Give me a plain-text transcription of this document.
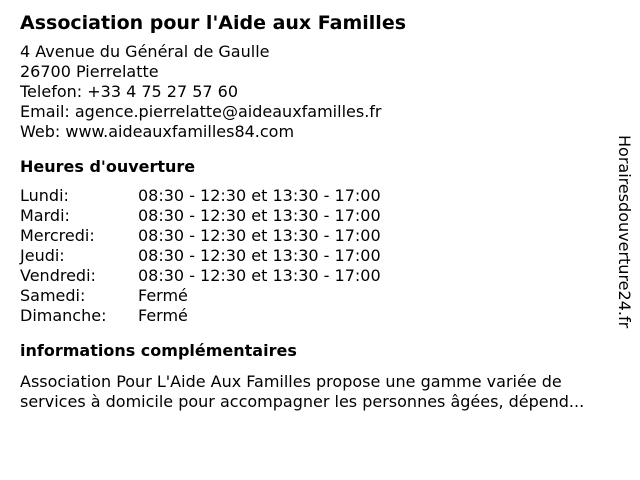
Association pour l'Aide aux Familles
4 Avenue du Général de Gaulle
26700 Pierrelatte
Telefon: +33 4 75 27 57 60
Email: agence.pierrelatte@aideauxfamilles.fr
Web: www.aideauxfamilles84.com
Heures d'ouverture
Lundi:	08:30 - 12:30 et 13:30 - 17:00
Mardi:	08:30 - 12:30 et 13:30 - 17:00
Mercredi:	08:30 - 12:30 et 13:30 - 17:00
Jeudi:	08:30 - 12:30 et 13:30 - 17:00
Vendredi:	08:30 - 12:30 et 13:30 - 17:00
Samedi:	Fermé
Dimanche:	Fermé
informations complémentaires
Association Pour L'Aide Aux Familles propose une gamme variée de
services à domicile pour accompagner les personnes âgées, dépend...
Horairesdouverture24.fr
